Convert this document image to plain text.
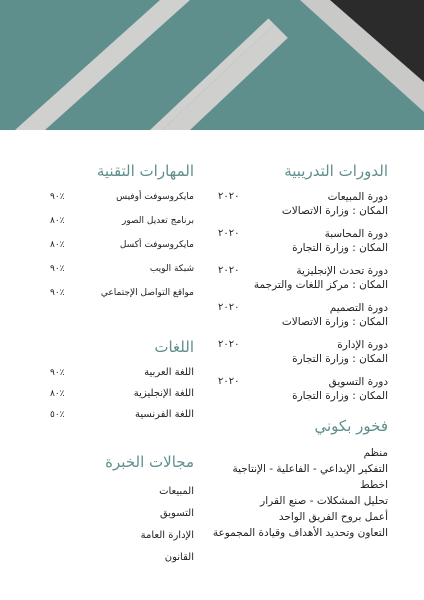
الدورات التدريبية
دورة المبيعات
المكان : وزارة الاتصالات
٢٠٢٠
دورة المحاسبة
المكان : وزارة التجارة
٢٠٢٠
دورة تحدث الإنجليزية
المكان : مركز اللغات والترجمة
٢٠٢٠
دورة التصميم
المكان : وزارة الاتصالات
٢٠٢٠
دورة الإدارة
المكان : وزارة التجارة
٢٠٢٠
دورة التسويق
المكان : وزارة التجارة
٢٠٢٠
فخور بكوني
منظم
التفكير الإبداعي - الفاعلية - الإنتاجية
اخطط
تحليل المشكلات - صنع القرار
أعمل بروح الفريق الواحد
التعاون وتحديد الأهداف وقيادة المجموعة
المهارات التقنية
مايكروسوفت أوفيس
٪٩٠
برنامج تعديل الصور
٪٨٠
مايكروسوفت أكسل
٪٨٠
شبكة الويب
٪٩٠
مواقع التواصل الإجتماعي
٪٩٠
اللغات
اللغة العربية
٪٩٠
اللغة الإنجليزية
٪٨٠
اللغة الفرنسية
٪٥٠
مجالات الخبرة
المبيعات
التسويق
الإدارة العامة
القانون
